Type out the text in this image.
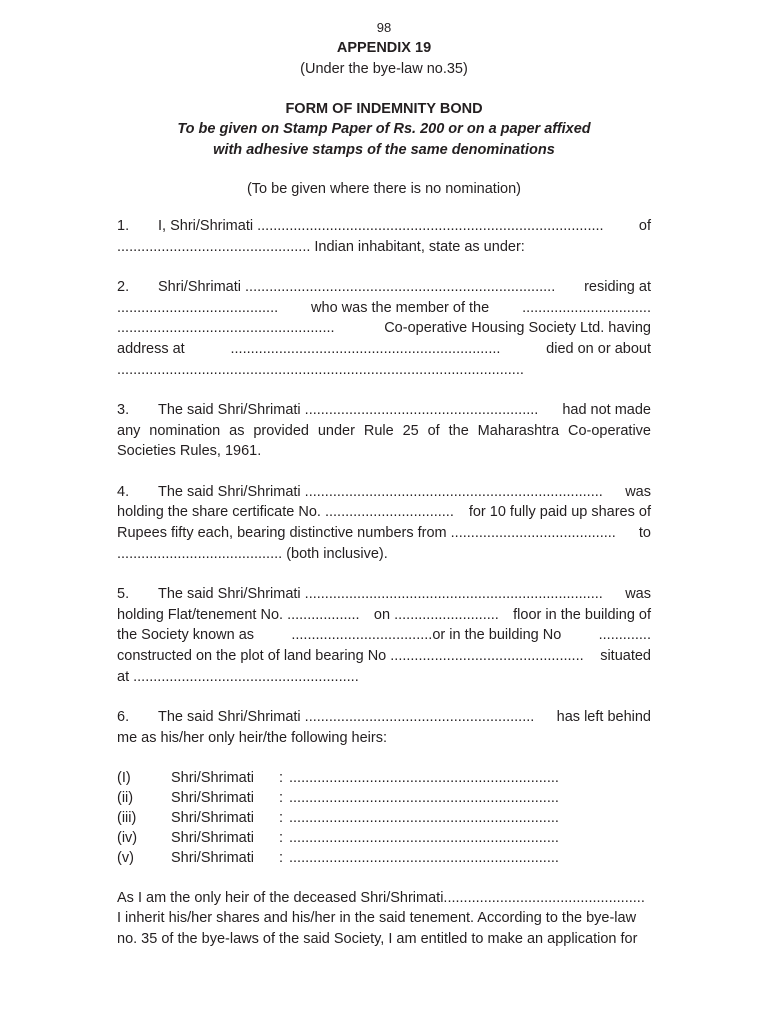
98

APPENDIX 19

(Under the bye-law no.35)

FORM OF INDEMNITY BOND

To be given on Stamp Paper of Rs. 200 or on a paper affixed

with adhesive stamps of the same denominations

(To be given where there is no nomination)

1. I, Shri/Shrimati ...................................................................................... of
................................................ Indian inhabitant, state as under:
2. Shri/Shrimati ............................................................................. residing at
........................................ who was the member of the ................................
......................................................	Co-operative Housing Society Ltd. having
address at	...................................................................	died on or about
.....................................................................................................
3. The said Shri/Shrimati .......................................................... had not made

any nomination as provided under Rule 25 of the Maharashtra Co-operative Societies Rules, 1961.

4. The said Shri/Shrimati .......................................................................... was
holding the share certificate No. ................................ for 10 fully paid up shares of
Rupees fifty each, bearing distinctive numbers from ......................................... to
......................................... (both inclusive).
5. The said Shri/Shrimati .......................................................................... was
holding Flat/tenement No. .................. on .......................... floor in the building of
the Society known as	...................................or in the building No	.............
constructed on the plot of land bearing No ................................................ situated
at ........................................................
6. The said Shri/Shrimati ......................................................... has left behind
me as his/her only heir/the following heirs:
(I)	Shri/Shrimati	: ...................................................................
(ii)	Shri/Shrimati	: ...................................................................
(iii)	Shri/Shrimati	: ...................................................................
(iv)	Shri/Shrimati	: ...................................................................
(v)	Shri/Shrimati	: ...................................................................
As I am the only heir of the deceased Shri/Shrimati..................................................
I inherit his/her shares and his/her in the said tenement. According to the bye-law
no. 35 of the bye-laws of the said Society, I am entitled to make an application for
